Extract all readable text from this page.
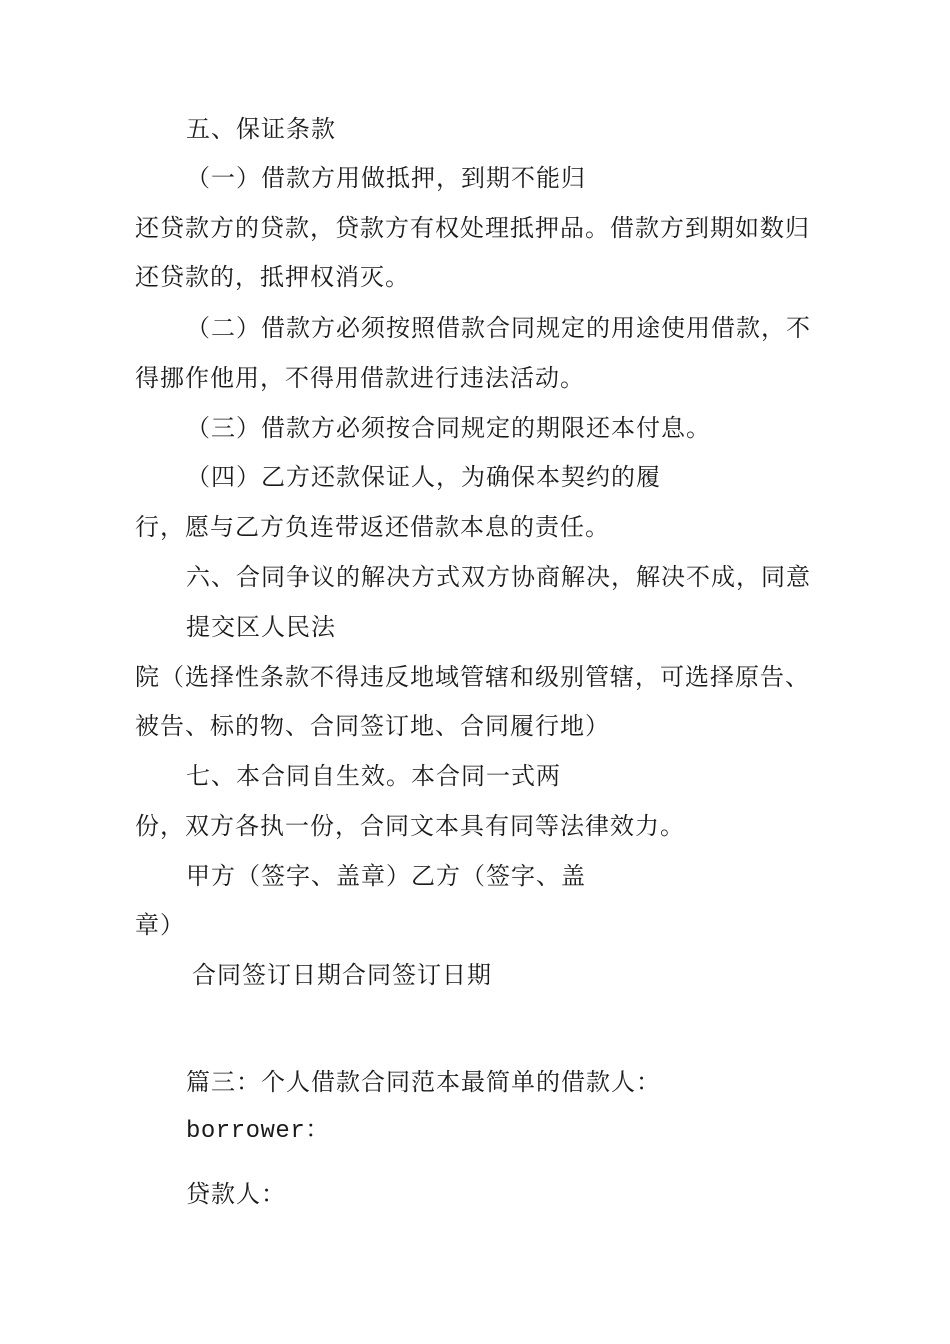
五、保证条款
（一）借款方用做抵押，到期不能归
还贷款方的贷款，贷款方有权处理抵押品。借款方到期如数归
还贷款的，抵押权消灭。
（二）借款方必须按照借款合同规定的用途使用借款，不
得挪作他用，不得用借款进行违法活动。
（三）借款方必须按合同规定的期限还本付息。
（四）乙方还款保证人，为确保本契约的履
行，愿与乙方负连带返还借款本息的责任。
六、合同争议的解决方式双方协商解决，解决不成，同意
提交区人民法
院（选择性条款不得违反地域管辖和级别管辖，可选择原告、
被告、标的物、合同签订地、合同履行地）
七、本合同自生效。本合同一式两
份，双方各执一份，合同文本具有同等法律效力。
甲方（签字、盖章）乙方（签字、盖
章）
合同签订日期合同签订日期
篇三：个人借款合同范本最简单的借款人：
borrower：
贷款人：
